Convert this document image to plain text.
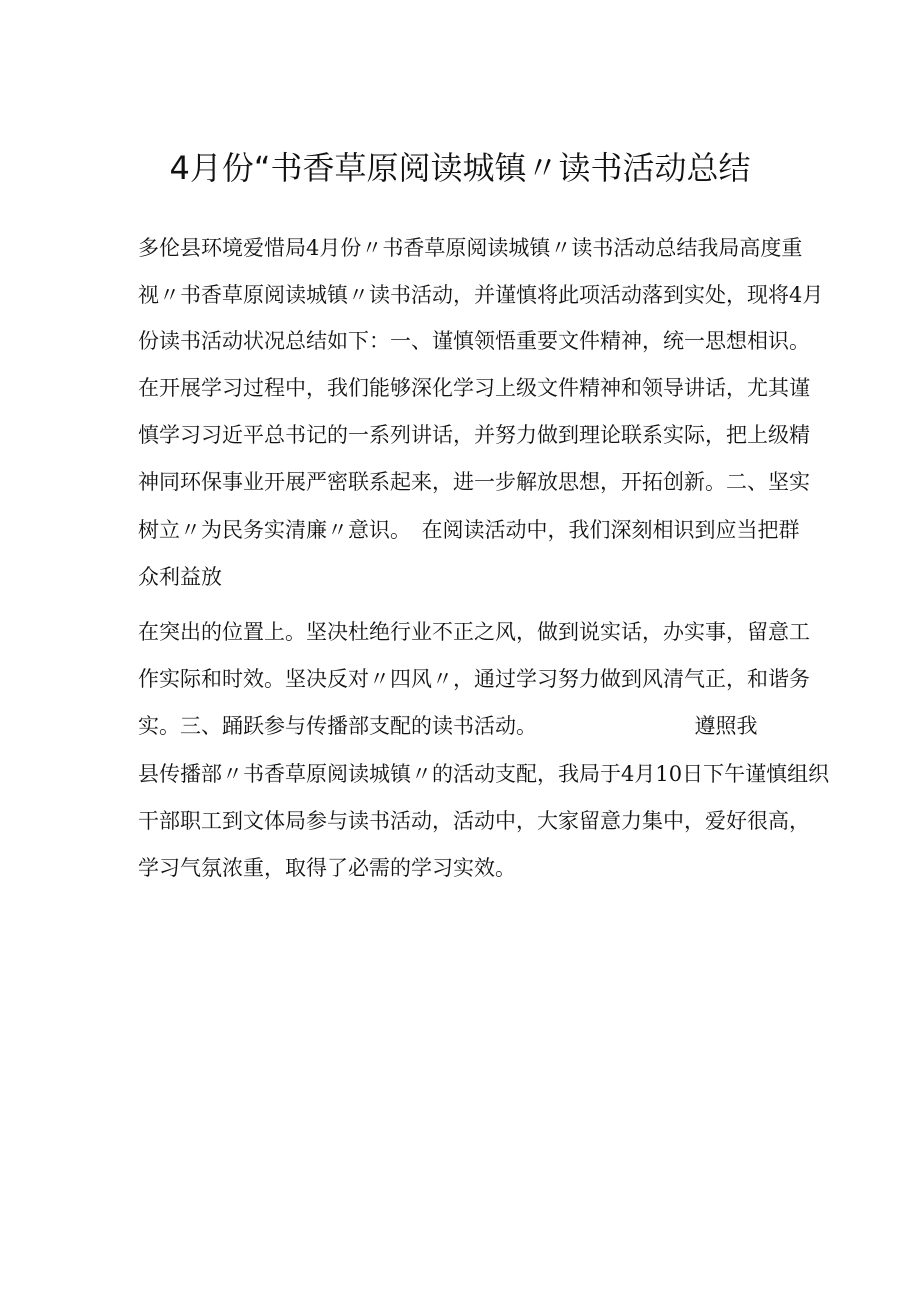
4月份“书香草原阅读城镇〃读书活动总结
多伦县环境爱惜局4月份〃书香草原阅读城镇〃读书活动总结我局高度重
视〃书香草原阅读城镇〃读书活动，并谨慎将此项活动落到实处，现将4月
份读书活动状况总结如下：一、谨慎领悟重要文件精神，统一思想相识。
在开展学习过程中，我们能够深化学习上级文件精神和领导讲话，尤其谨
慎学习习近平总书记的一系列讲话，并努力做到理论联系实际，把上级精
神同环保事业开展严密联系起来，进一步解放思想，开拓创新。二、坚实
树立〃为民务实清廉〃意识。　在阅读活动中，我们深刻相识到应当把群
众利益放
在突出的位置上。坚决杜绝行业不正之风，做到说实话，办实事，留意工
作实际和时效。坚决反对〃四风〃，通过学习努力做到风清气正，和谐务
实。三、踊跃参与传播部支配的读书活动。　　　　　　　　遵照我
县传播部〃书香草原阅读城镇〃的活动支配，我局于4月10日下午谨慎组织
干部职工到文体局参与读书活动，活动中，大家留意力集中，爱好很高，
学习气氛浓重，取得了必需的学习实效。
